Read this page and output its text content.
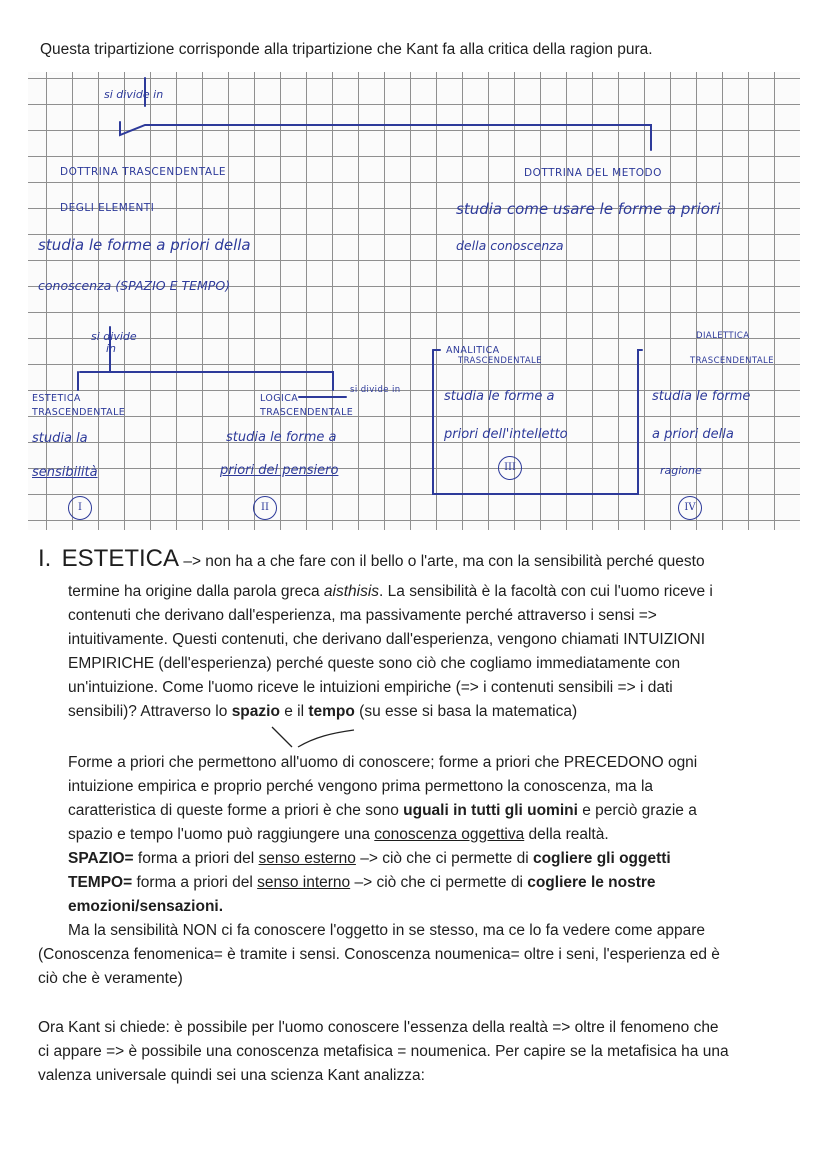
Questa tripartizione corrisponde alla tripartizione che Kant fa alla critica della ragion pura.

si divide in
DOTTRINA TRASCENDENTALE
DEGLI ELEMENTI
studia le forme a priori della
conoscenza (SPAZIO E TEMPO)
DOTTRINA DEL METODO
studia come usare le forme a priori
della conoscenza
si divide
in
ESTETICA
TRASCENDENTALE
studia la
sensibilità
I
LOGICA
si divide in
TRASCENDENTALE
studia le forme a
priori del pensiero
II
ANALITICA
TRASCENDENTALE
studia le forme a
priori dell'intelletto
III
DIALETTICA
TRASCENDENTALE
studia le forme
a priori della
ragione
IV
I. ESTETICA –> non ha a che fare con il bello o l'arte, ma con la sensibilità perché questo

termine ha origine dalla parola greca aisthisis. La sensibilità è la facoltà con cui l'uomo riceve i
contenuti che derivano dall'esperienza, ma passivamente perché attraverso i sensi =>
intuitivamente. Questi contenuti, che derivano dall'esperienza, vengono chiamati INTUIZIONI
EMPIRICHE (dell'esperienza) perché queste sono ciò che cogliamo immediatamente con
un'intuizione. Come l'uomo riceve le intuizioni empiriche (=> i contenuti sensibili => i dati
sensibili)? Attraverso lo spazio e il tempo (su esse si basa la matematica)

Forme a priori che permettono all'uomo di conoscere; forme a priori che PRECEDONO ogni
intuizione empirica e proprio perché vengono prima permettono la conoscenza, ma la
caratteristica di queste forme a priori è che sono uguali in tutti gli uomini e perciò grazie a
spazio e tempo l'uomo può raggiungere una conoscenza oggettiva della realtà.
SPAZIO= forma a priori del senso esterno –> ciò che ci permette di cogliere gli oggetti
TEMPO= forma a priori del senso interno –> ciò che ci permette di cogliere le nostre
emozioni/sensazioni.
Ma la sensibilità NON ci fa conoscere l'oggetto in se stesso, ma ce lo fa vedere come appare

(Conoscenza fenomenica= è tramite i sensi. Conoscenza noumenica= oltre i seni, l'esperienza ed è
ciò che è veramente)

Ora Kant si chiede: è possibile per l'uomo conoscere l'essenza della realtà => oltre il fenomeno che
ci appare => è possibile una conoscenza metafisica = noumenica. Per capire se la metafisica ha una
valenza universale quindi sei una scienza Kant analizza:
